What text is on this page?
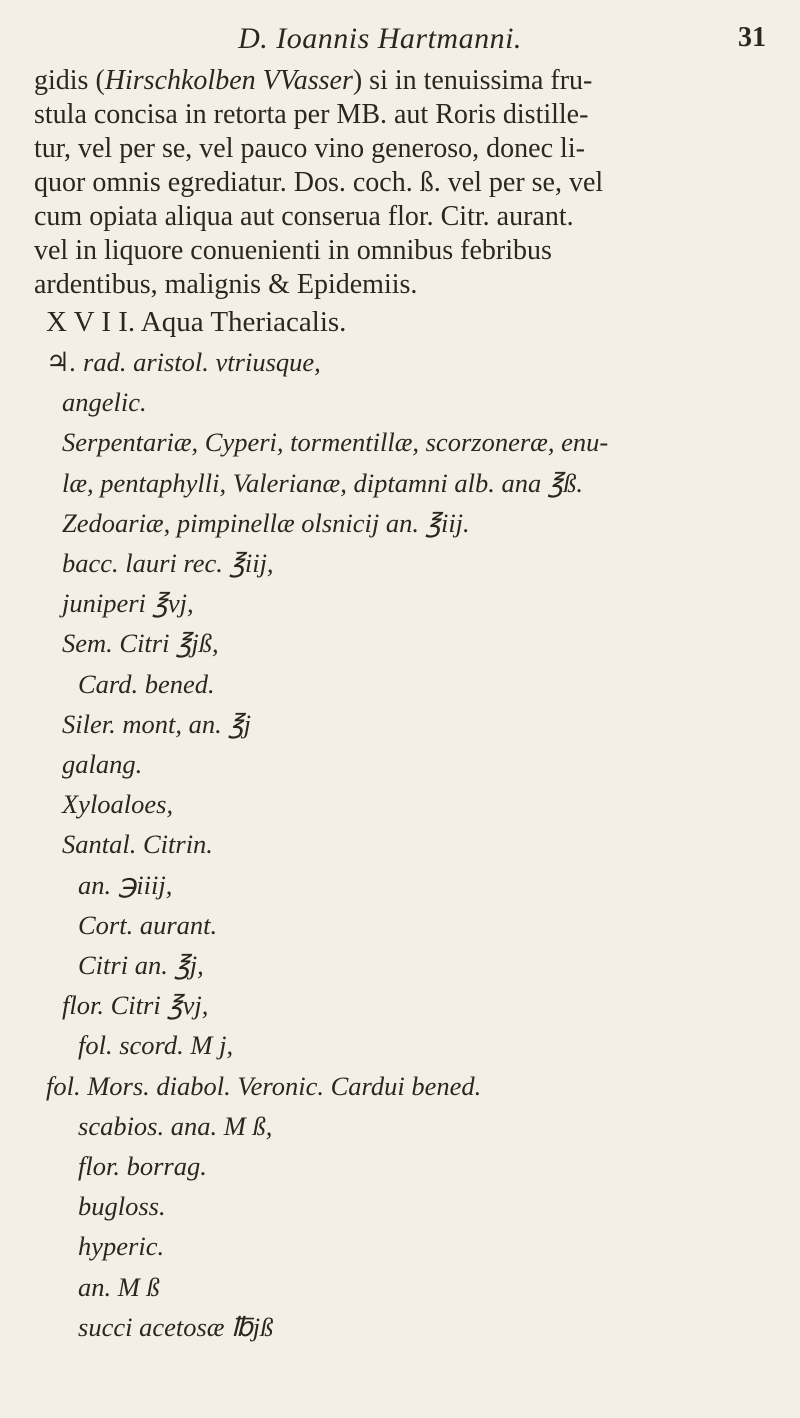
D. Ioannis Hartmanni.	31
gidis (Hirschkolben VVasser) si in tenuissima fru-
stula concisa in retorta per MB. aut Roris distille-
tur, vel per se, vel pauco vino generoso, donec li-
quor omnis egrediatur. Dos. coch. ß. vel per se, vel
cum opiata aliqua aut conserua flor. Citr. aurant.
vel in liquore conuenienti in omnibus febribus
ardentibus, malignis & Epidemiis.
X V I I. Aqua Theriacalis.
♃. rad. aristol. vtriusque,
angelic.
Serpentariæ, Cyperi, tormentillæ, scorzoneræ, enu-
læ, pentaphylli, Valerianæ, diptamni alb. ana ℥ß.
Zedoariæ, pimpinellæ olsnicij an. ℥iij.
bacc. lauri rec. ℥iij,
juniperi ℥vj,
Sem. Citri ℥jß,
Card. bened.
Siler. mont, an. ℥j
galang.
Xyloaloes,
Santal. Citrin.
an. ℈iiij,
Cort. aurant.
Citri an. ℥j,
flor. Citri ℥vj,
fol. scord. M j,
fol. Mors. diabol. Veronic. Cardui bened.
scabios. ana. M ß,
flor. borrag.
bugloss.
hyperic.
an. M ß
succi acetosæ ℔jß
